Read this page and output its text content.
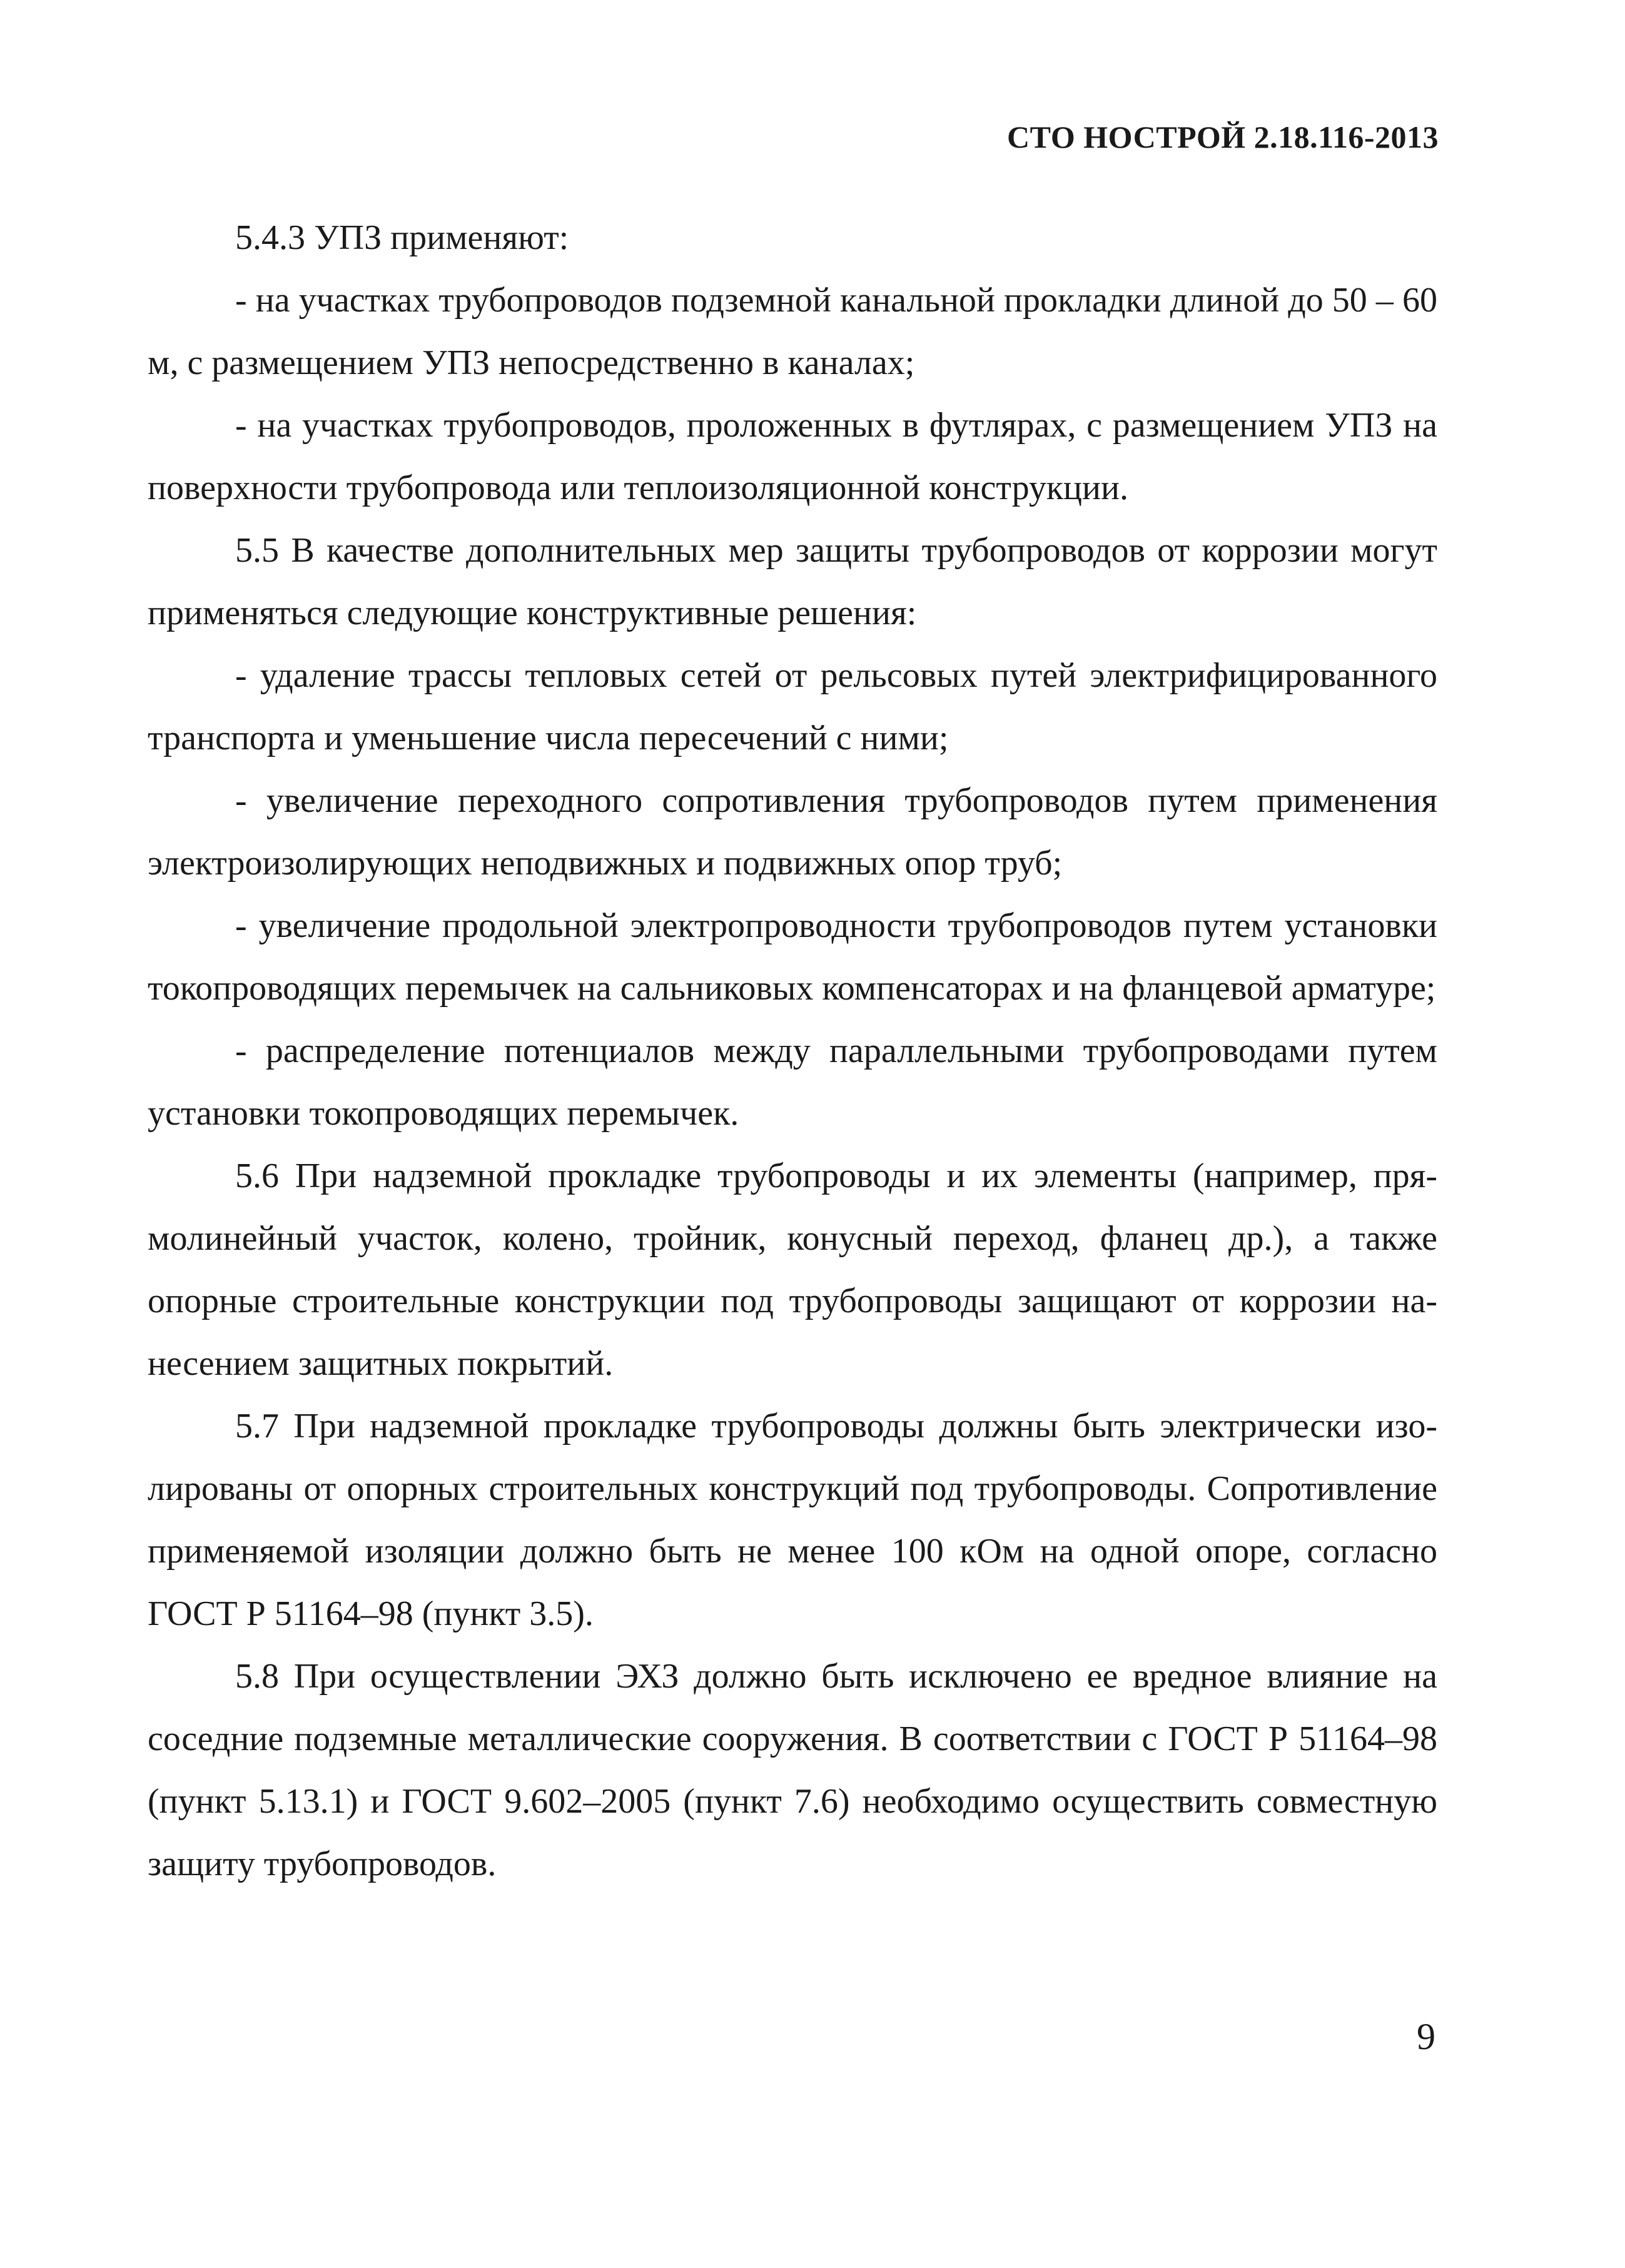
СТО НОСТРОЙ 2.18.116-2013

5.4.3 УПЗ применяют:

- на участках трубопроводов подземной канальной прокладки длиной до 50 – 60 м, с размещением УПЗ непосредственно в каналах;

- на участках трубопроводов, проложенных в футлярах, с размещением УПЗ на поверхности трубопровода или теплоизоляционной конструкции.

5.5 В качестве дополнительных мер защиты трубопроводов от коррозии могут применяться следующие конструктивные решения:

- удаление трассы тепловых сетей от рельсовых путей электрифицированного транспорта и уменьшение числа пересечений с ними;

- увеличение переходного сопротивления трубопроводов путем применения электроизолирующих неподвижных и подвижных опор труб;

- увеличение продольной электропроводности трубопроводов путем установки токопроводящих перемычек на сальниковых компенсаторах и на фланцевой арматуре;

- распределение потенциалов между параллельными трубопроводами путем установки токопроводящих перемычек.

5.6 При надземной прокладке трубопроводы и их элементы (например, прямолинейный участок, колено, тройник, конусный переход, фланец др.), а также опорные строительные конструкции под трубопроводы защищают от коррозии нанесением защитных покрытий.

5.7 При надземной прокладке трубопроводы должны быть электрически изолированы от опорных строительных конструкций под трубопроводы. Сопротивление применяемой изоляции должно быть не менее 100 кОм на одной опоре, согласно ГОСТ Р 51164–98 (пункт 3.5).

5.8 При осуществлении ЭХЗ должно быть исключено ее вредное влияние на соседние подземные металлические сооружения. В соответствии с ГОСТ Р 51164–98 (пункт 5.13.1) и ГОСТ 9.602–2005 (пункт 7.6) необходимо осуществить совместную защиту трубопроводов.

9
